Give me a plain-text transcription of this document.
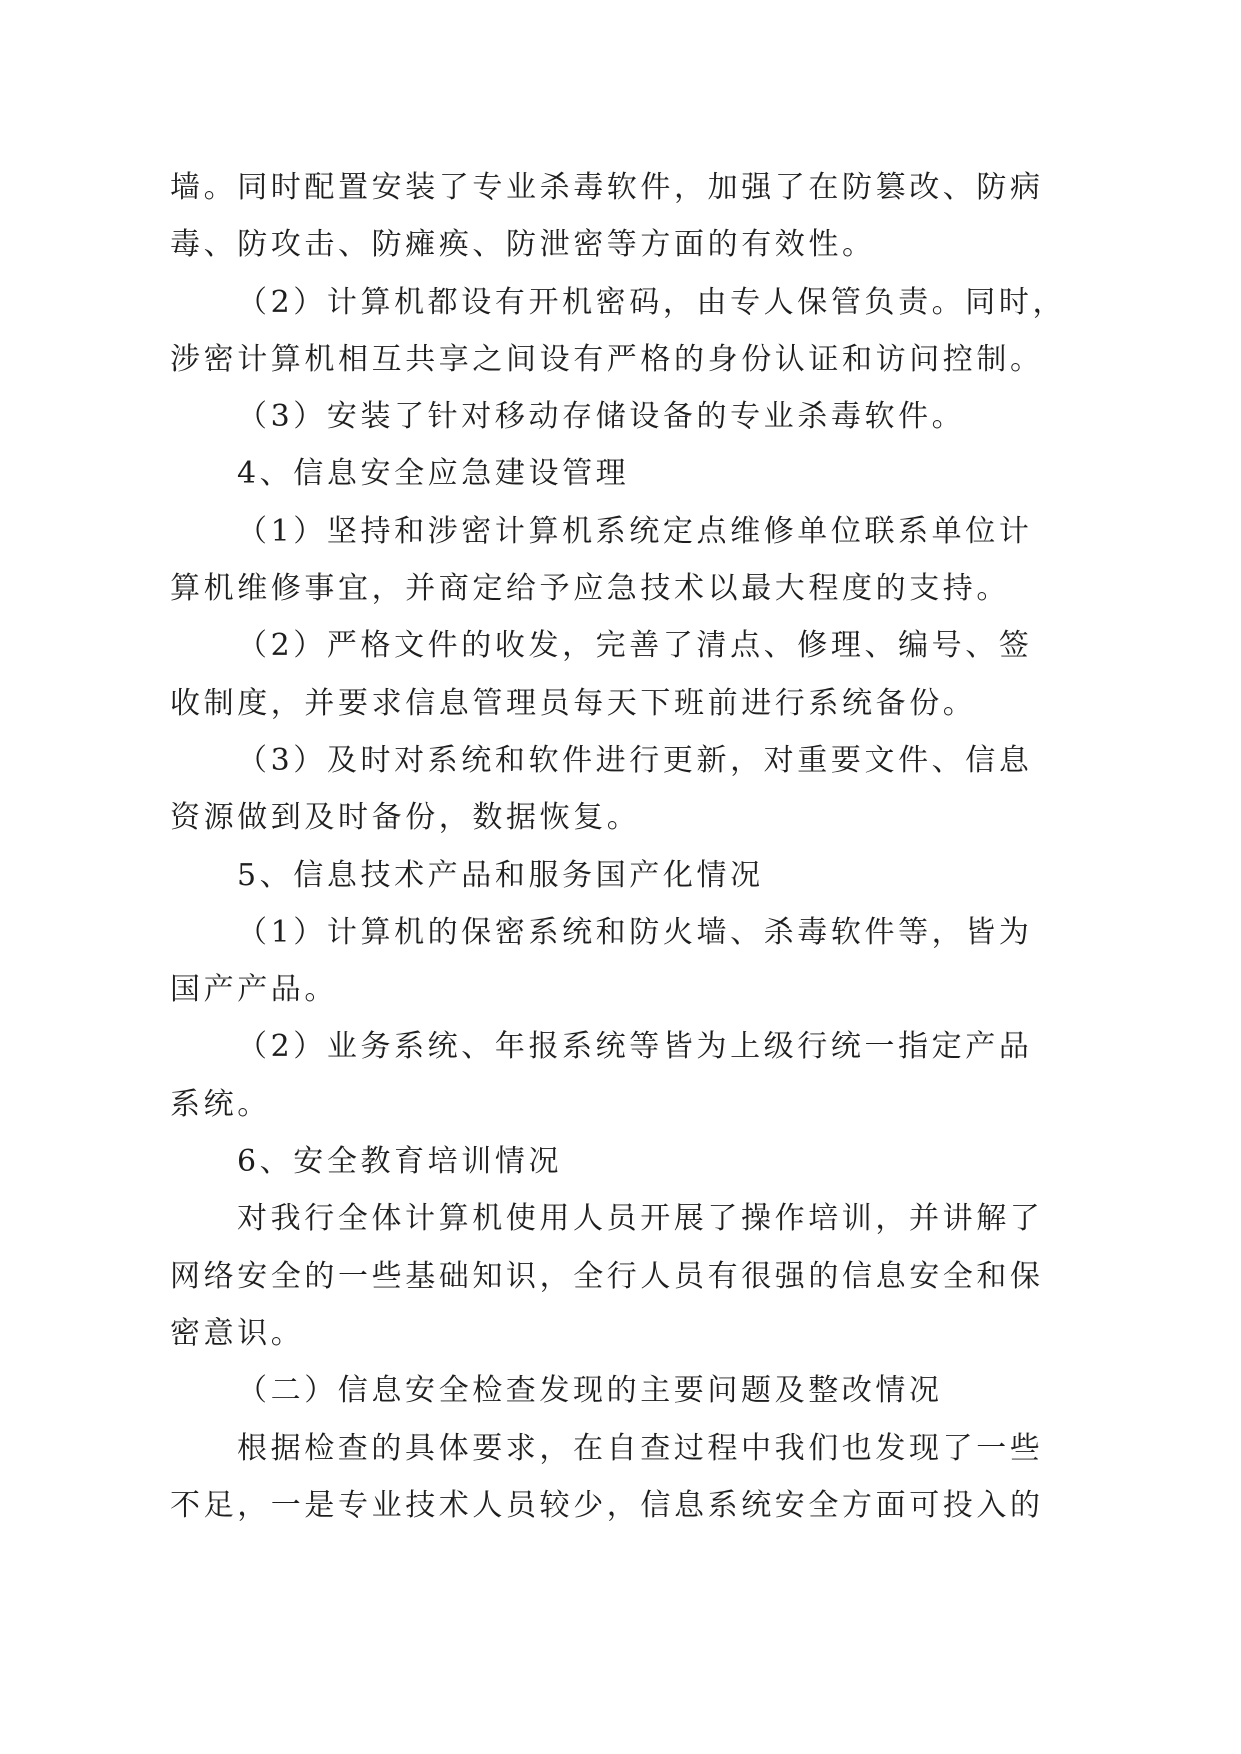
墙。同时配置安装了专业杀毒软件，加强了在防篡改、防病
毒、防攻击、防瘫痪、防泄密等方面的有效性。
（2）计算机都设有开机密码，由专人保管负责。同时，
涉密计算机相互共享之间设有严格的身份认证和访问控制。
（3）安装了针对移动存储设备的专业杀毒软件。
4、信息安全应急建设管理
（1）坚持和涉密计算机系统定点维修单位联系单位计
算机维修事宜，并商定给予应急技术以最大程度的支持。
（2）严格文件的收发，完善了清点、修理、编号、签
收制度，并要求信息管理员每天下班前进行系统备份。
（3）及时对系统和软件进行更新，对重要文件、信息
资源做到及时备份，数据恢复。
5、信息技术产品和服务国产化情况
（1）计算机的保密系统和防火墙、杀毒软件等，皆为
国产产品。
（2）业务系统、年报系统等皆为上级行统一指定产品
系统。
6、安全教育培训情况
对我行全体计算机使用人员开展了操作培训，并讲解了
网络安全的一些基础知识，全行人员有很强的信息安全和保
密意识。
（二）信息安全检查发现的主要问题及整改情况
根据检查的具体要求，在自查过程中我们也发现了一些
不足，一是专业技术人员较少，信息系统安全方面可投入的
